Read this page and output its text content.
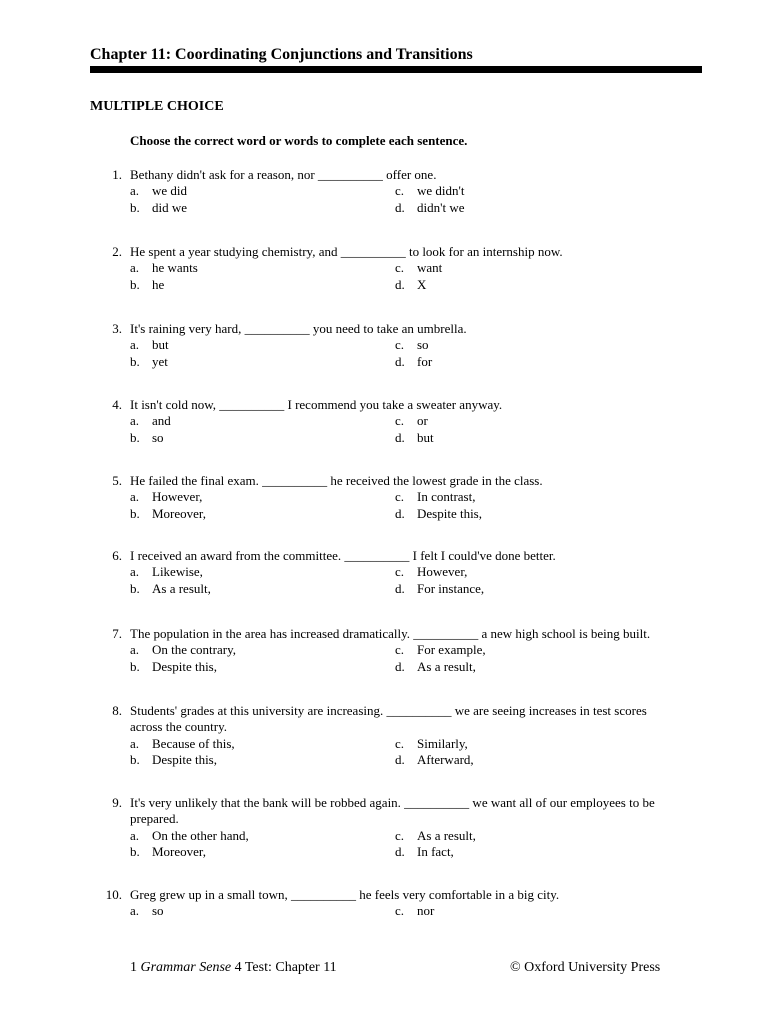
Chapter 11: Coordinating Conjunctions and Transitions
MULTIPLE CHOICE
Choose the correct word or words to complete each sentence.
1. Bethany didn't ask for a reason, nor __________ offer one.
a. we did
b. did we
c. we didn't
d. didn't we
2. He spent a year studying chemistry, and __________ to look for an internship now.
a. he wants
b. he
c. want
d. X
3. It's raining very hard, __________ you need to take an umbrella.
a. but
b. yet
c. so
d. for
4. It isn't cold now, __________ I recommend you take a sweater anyway.
a. and
b. so
c. or
d. but
5. He failed the final exam. __________ he received the lowest grade in the class.
a. However,
b. Moreover,
c. In contrast,
d. Despite this,
6. I received an award from the committee. __________ I felt I could've done better.
a. Likewise,
b. As a result,
c. However,
d. For instance,
7. The population in the area has increased dramatically. __________ a new high school is being built.
a. On the contrary,
b. Despite this,
c. For example,
d. As a result,
8. Students' grades at this university are increasing. __________ we are seeing increases in test scores
across the country.
a. Because of this,
b. Despite this,
c. Similarly,
d. Afterward,
9. It's very unlikely that the bank will be robbed again. __________ we want all of our employees to be
prepared.
a. On the other hand,
b. Moreover,
c. As a result,
d. In fact,
10. Greg grew up in a small town, __________ he feels very comfortable in a big city.
a. so	c. nor
1 Grammar Sense 4 Test: Chapter 11	© Oxford University Press
